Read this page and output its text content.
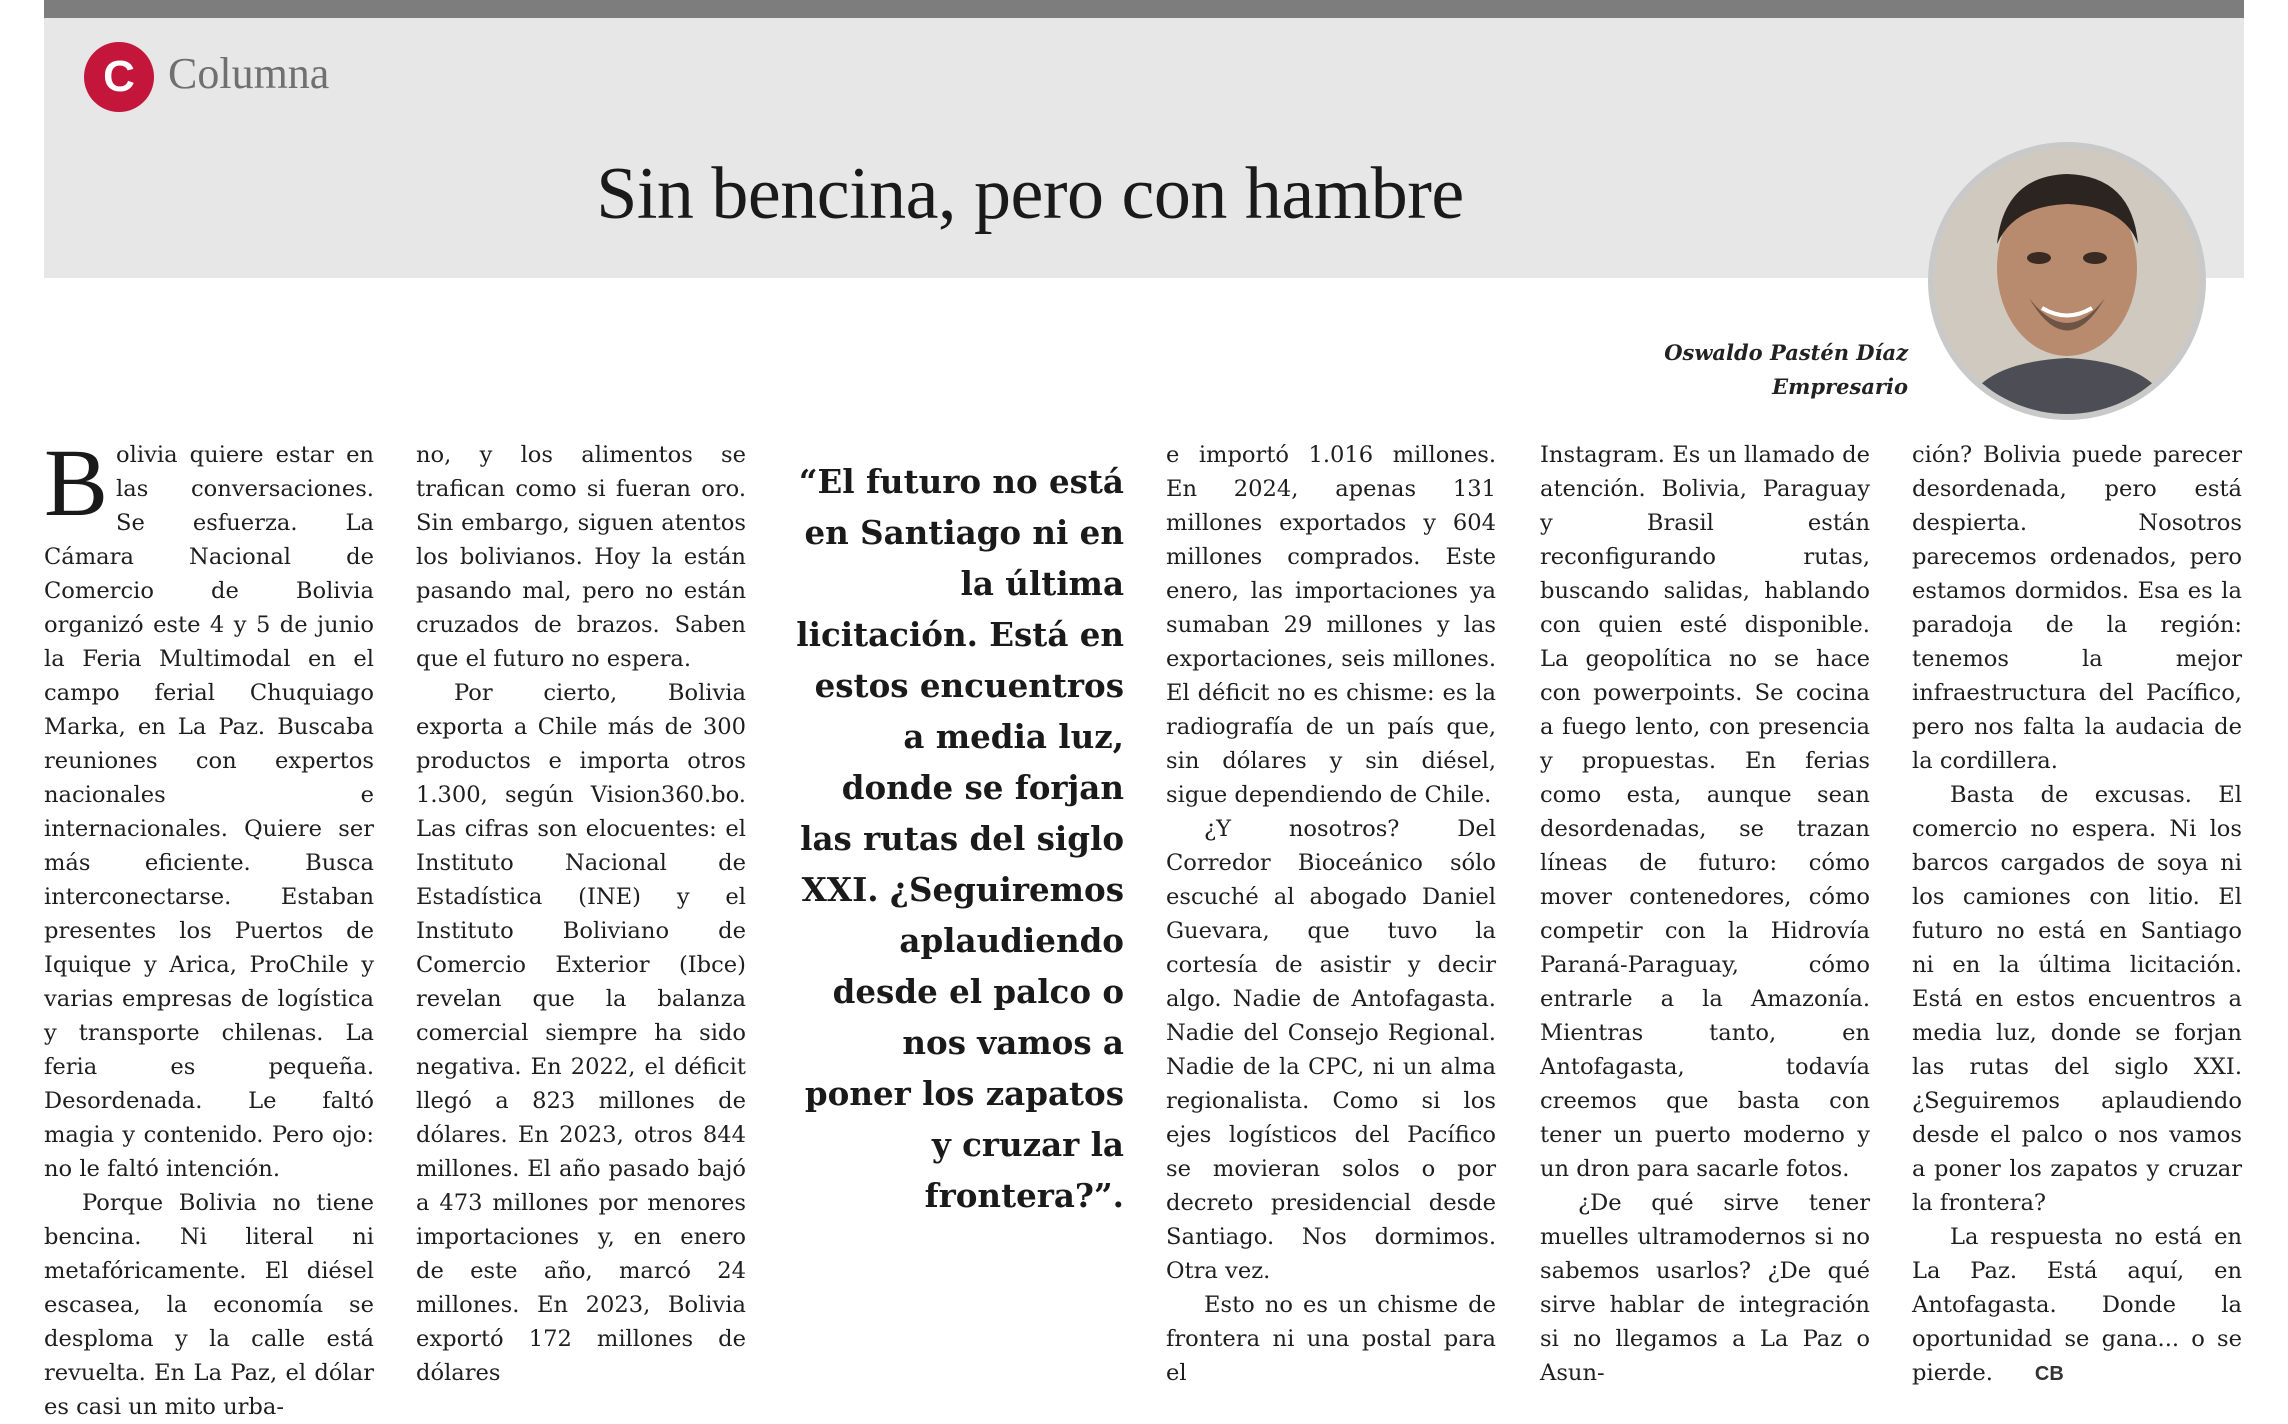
C Columna
Sin bencina, pero con hambre
Oswaldo Pastén Díaz
Empresario

Bolivia quiere estar en las conversaciones. Se esfuerza. La Cámara Nacional de Comercio de Bolivia organizó este 4 y 5 de junio la Feria Multimodal en el campo ferial Chuquiago Marka, en La Paz. Buscaba reuniones con expertos nacionales e internacionales. Quiere ser más eficiente. Busca interconectarse. Estaban presentes los Puertos de Iquique y Arica, ProChile y varias empresas de logística y transporte chilenas. La feria es pequeña. Desordenada. Le faltó magia y contenido. Pero ojo: no le faltó intención.

Porque Bolivia no tiene bencina. Ni literal ni metafóricamente. El diésel escasea, la economía se desploma y la calle está revuelta. En La Paz, el dólar es casi un mito urba-

no, y los alimentos se trafican como si fueran oro. Sin embargo, siguen atentos los bolivianos. Hoy la están pasando mal, pero no están cruzados de brazos. Saben que el futuro no espera.

Por cierto, Bolivia exporta a Chile más de 300 productos e importa otros 1.300, según Vision360.bo. Las cifras son elocuentes: el Instituto Nacional de Estadística (INE) y el Instituto Boliviano de Comercio Exterior (Ibce) revelan que la balanza comercial siempre ha sido negativa. En 2022, el déficit llegó a 823 millones de dólares. En 2023, otros 844 millones. El año pasado bajó a 473 millones por menores importaciones y, en enero de este año, marcó 24 millones. En 2023, Bolivia exportó 172 millones de dólares

“El futuro no está en Santiago ni en la última licitación. Está en estos encuentros a media luz, donde se forjan las rutas del siglo XXI. ¿Seguiremos aplaudiendo desde el palco o nos vamos a poner los zapatos y cruzar la frontera?”.

e importó 1.016 millones. En 2024, apenas 131 millones exportados y 604 millones comprados. Este enero, las importaciones ya sumaban 29 millones y las exportaciones, seis millones. El déficit no es chisme: es la radiografía de un país que, sin dólares y sin diésel, sigue dependiendo de Chile.

¿Y nosotros? Del Corredor Bioceánico sólo escuché al abogado Daniel Guevara, que tuvo la cortesía de asistir y decir algo. Nadie de Antofagasta. Nadie del Consejo Regional. Nadie de la CPC, ni un alma regionalista. Como si los ejes logísticos del Pacífico se movieran solos o por decreto presidencial desde Santiago. Nos dormimos. Otra vez.

Esto no es un chisme de frontera ni una postal para el

Instagram. Es un llamado de atención. Bolivia, Paraguay y Brasil están reconfigurando rutas, buscando salidas, hablando con quien esté disponible. La geopolítica no se hace con powerpoints. Se cocina a fuego lento, con presencia y propuestas. En ferias como esta, aunque sean desordenadas, se trazan líneas de futuro: cómo mover contenedores, cómo competir con la Hidrovía Paraná-Paraguay, cómo entrarle a la Amazonía. Mientras tanto, en Antofagasta, todavía creemos que basta con tener un puerto moderno y un dron para sacarle fotos.

¿De qué sirve tener muelles ultramodernos si no sabemos usarlos? ¿De qué sirve hablar de integración si no llegamos a La Paz o Asun-

ción? Bolivia puede parecer desordenada, pero está despierta. Nosotros parecemos ordenados, pero estamos dormidos. Esa es la paradoja de la región: tenemos la mejor infraestructura del Pacífico, pero nos falta la audacia de la cordillera.

Basta de excusas. El comercio no espera. Ni los barcos cargados de soya ni los camiones con litio. El futuro no está en Santiago ni en la última licitación. Está en estos encuentros a media luz, donde se forjan las rutas del siglo XXI. ¿Seguiremos aplaudiendo desde el palco o nos vamos a poner los zapatos y cruzar la frontera?

La respuesta no está en La Paz. Está aquí, en Antofagasta. Donde la oportunidad se gana... o se pierde. CB
